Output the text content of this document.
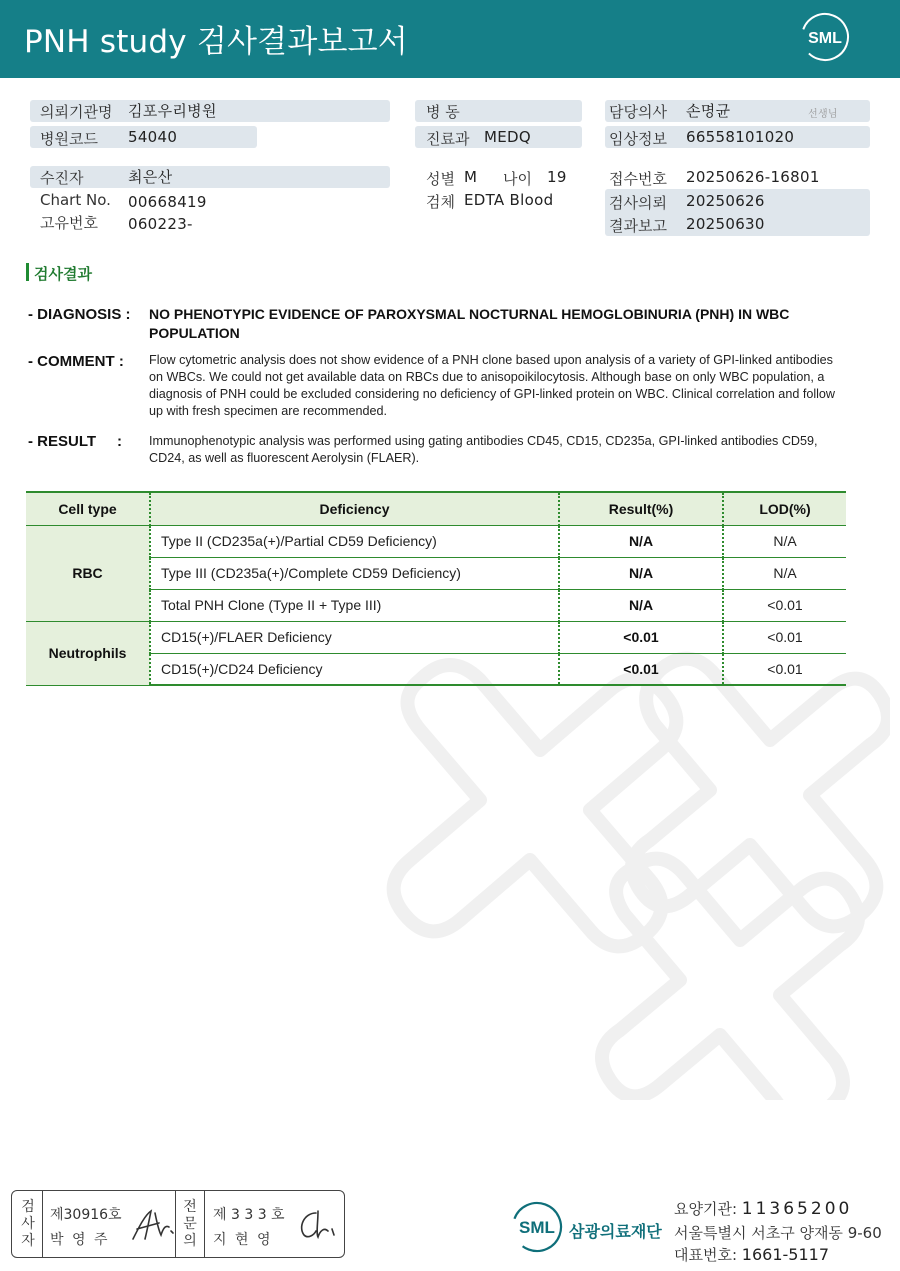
PNH study 검사결과보고서	SML
의뢰기관명 김포우리병원
병원코드 54040
병 동
진료과 MEDQ
담당의사 손명균	선생님
임상정보 66558101020
수진자	최은산
Chart No. 00668419
고유번호 060223-
성별 M 나이 19
검체 EDTA Blood
접수번호 20250626-16801
검사의뢰 20250626
결과보고 20250630
검사결과
- DIAGNOSIS : NO PHENOTYPIC EVIDENCE OF PAROXYSMAL NOCTURNAL HEMOGLOBINURIA (PNH) IN WBC POPULATION
- COMMENT : Flow cytometric analysis does not show evidence of a PNH clone based upon analysis of a variety of GPI-linked antibodies on WBCs. We could not get available data on RBCs due to anisopoikilocytosis. Although base on only WBC population, a diagnosis of PNH could be excluded considering no deficiency of GPI-linked protein on WBC. Clinical correlation and follow up with fresh specimen are recommended.
- RESULT : Immunophenotypic analysis was performed using gating antibodies CD45, CD15, CD235a, GPI-linked antibodies CD59, CD24, as well as fluorescent Aerolysin (FLAER).
Cell type	Deficiency	Result(%)	LOD(%)
RBC	Type II (CD235a(+)/Partial CD59 Deficiency)	N/A	N/A
	Type III (CD235a(+)/Complete CD59 Deficiency)	N/A	N/A
	Total PNH Clone (Type II + Type III)	N/A	<0.01
Neutrophils	CD15(+)/FLAER Deficiency	<0.01	<0.01
	CD15(+)/CD24 Deficiency	<0.01	<0.01
검
사
자
제30916호
박 영 주
전
문
의
제 3 3 3 호
지 현 영
SML 삼광의료재단
요양기관: 11365200
서울특별시 서초구 양재동 9-60
대표번호: 1661-5117
